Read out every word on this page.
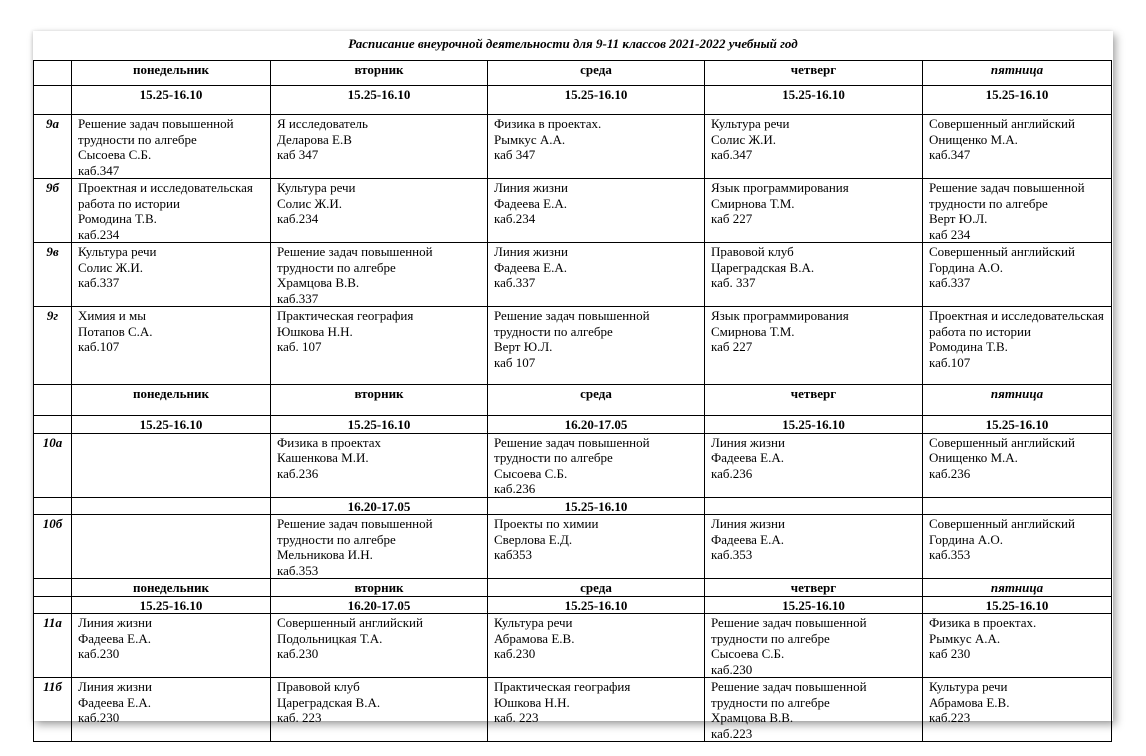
Расписание внеурочной деятельности для 9-11 классов 2021-2022 учебный год
	понедельник	вторник	среда	четверг	пятница
	15.25-16.10	15.25-16.10	15.25-16.10	15.25-16.10	15.25-16.10
9а	Решение задач повышенной трудности по алгебре
Сысоева С.Б.
каб.347	Я исследователь
Деларова Е.В
каб 347	Физика в проектах.
Рымкус А.А.
каб 347	Культура речи
Солис Ж.И.
каб.347	Совершенный английский
Онищенко М.А.
каб.347
9б	Проектная и исследовательская работа по истории
Ромодина Т.В.
каб.234	Культура речи
Солис Ж.И.
каб.234	Линия жизни
Фадеева Е.А.
каб.234	Язык программирования
Смирнова Т.М.
каб 227	Решение задач повышенной трудности по алгебре
Верт Ю.Л.
каб 234
9в	Культура речи
Солис Ж.И.
каб.337	Решение задач повышенной трудности по алгебре
Храмцова В.В.
каб.337	Линия жизни
Фадеева Е.А.
каб.337	Правовой клуб
Цареградская В.А.
каб. 337	Совершенный английский
Гордина А.О.
каб.337
9г	Химия и мы
Потапов С.А.
каб.107	Практическая география
Юшкова Н.Н.
каб. 107	Решение задач повышенной трудности по алгебре
Верт Ю.Л.
каб 107	Язык программирования
Смирнова Т.М.
каб 227	Проектная и исследовательская работа по истории
Ромодина Т.В.
каб.107
	понедельник	вторник	среда	четверг	пятница
	15.25-16.10	15.25-16.10	16.20-17.05	15.25-16.10	15.25-16.10
10а		Физика в проектах
Кашенкова М.И.
каб.236	Решение задач повышенной трудности по алгебре
Сысоева С.Б.
каб.236	Линия жизни
Фадеева Е.А.
каб.236	Совершенный английский
Онищенко М.А.
каб.236
		16.20-17.05	15.25-16.10		
10б		Решение задач повышенной трудности по алгебре
Мельникова И.Н.
каб.353	Проекты по химии
Сверлова Е.Д.
каб353	Линия жизни
Фадеева Е.А.
каб.353	Совершенный английский
Гордина А.О.
каб.353
	понедельник	вторник	среда	четверг	пятница
	15.25-16.10	16.20-17.05	15.25-16.10	15.25-16.10	15.25-16.10
11а	Линия жизни
Фадеева Е.А.
каб.230	Совершенный английский
Подольницкая Т.А.
каб.230	Культура речи
Абрамова Е.В.
каб.230	Решение задач повышенной трудности по алгебре
Сысоева С.Б.
каб.230	Физика в проектах.
Рымкус А.А.
каб 230
11б	Линия жизни
Фадеева Е.А.
каб.230	Правовой клуб
Цареградская В.А.
каб. 223	Практическая география
Юшкова Н.Н.
каб. 223	Решение задач повышенной трудности по алгебре
Храмцова В.В.
каб.223	Культура речи
Абрамова Е.В.
каб.223
